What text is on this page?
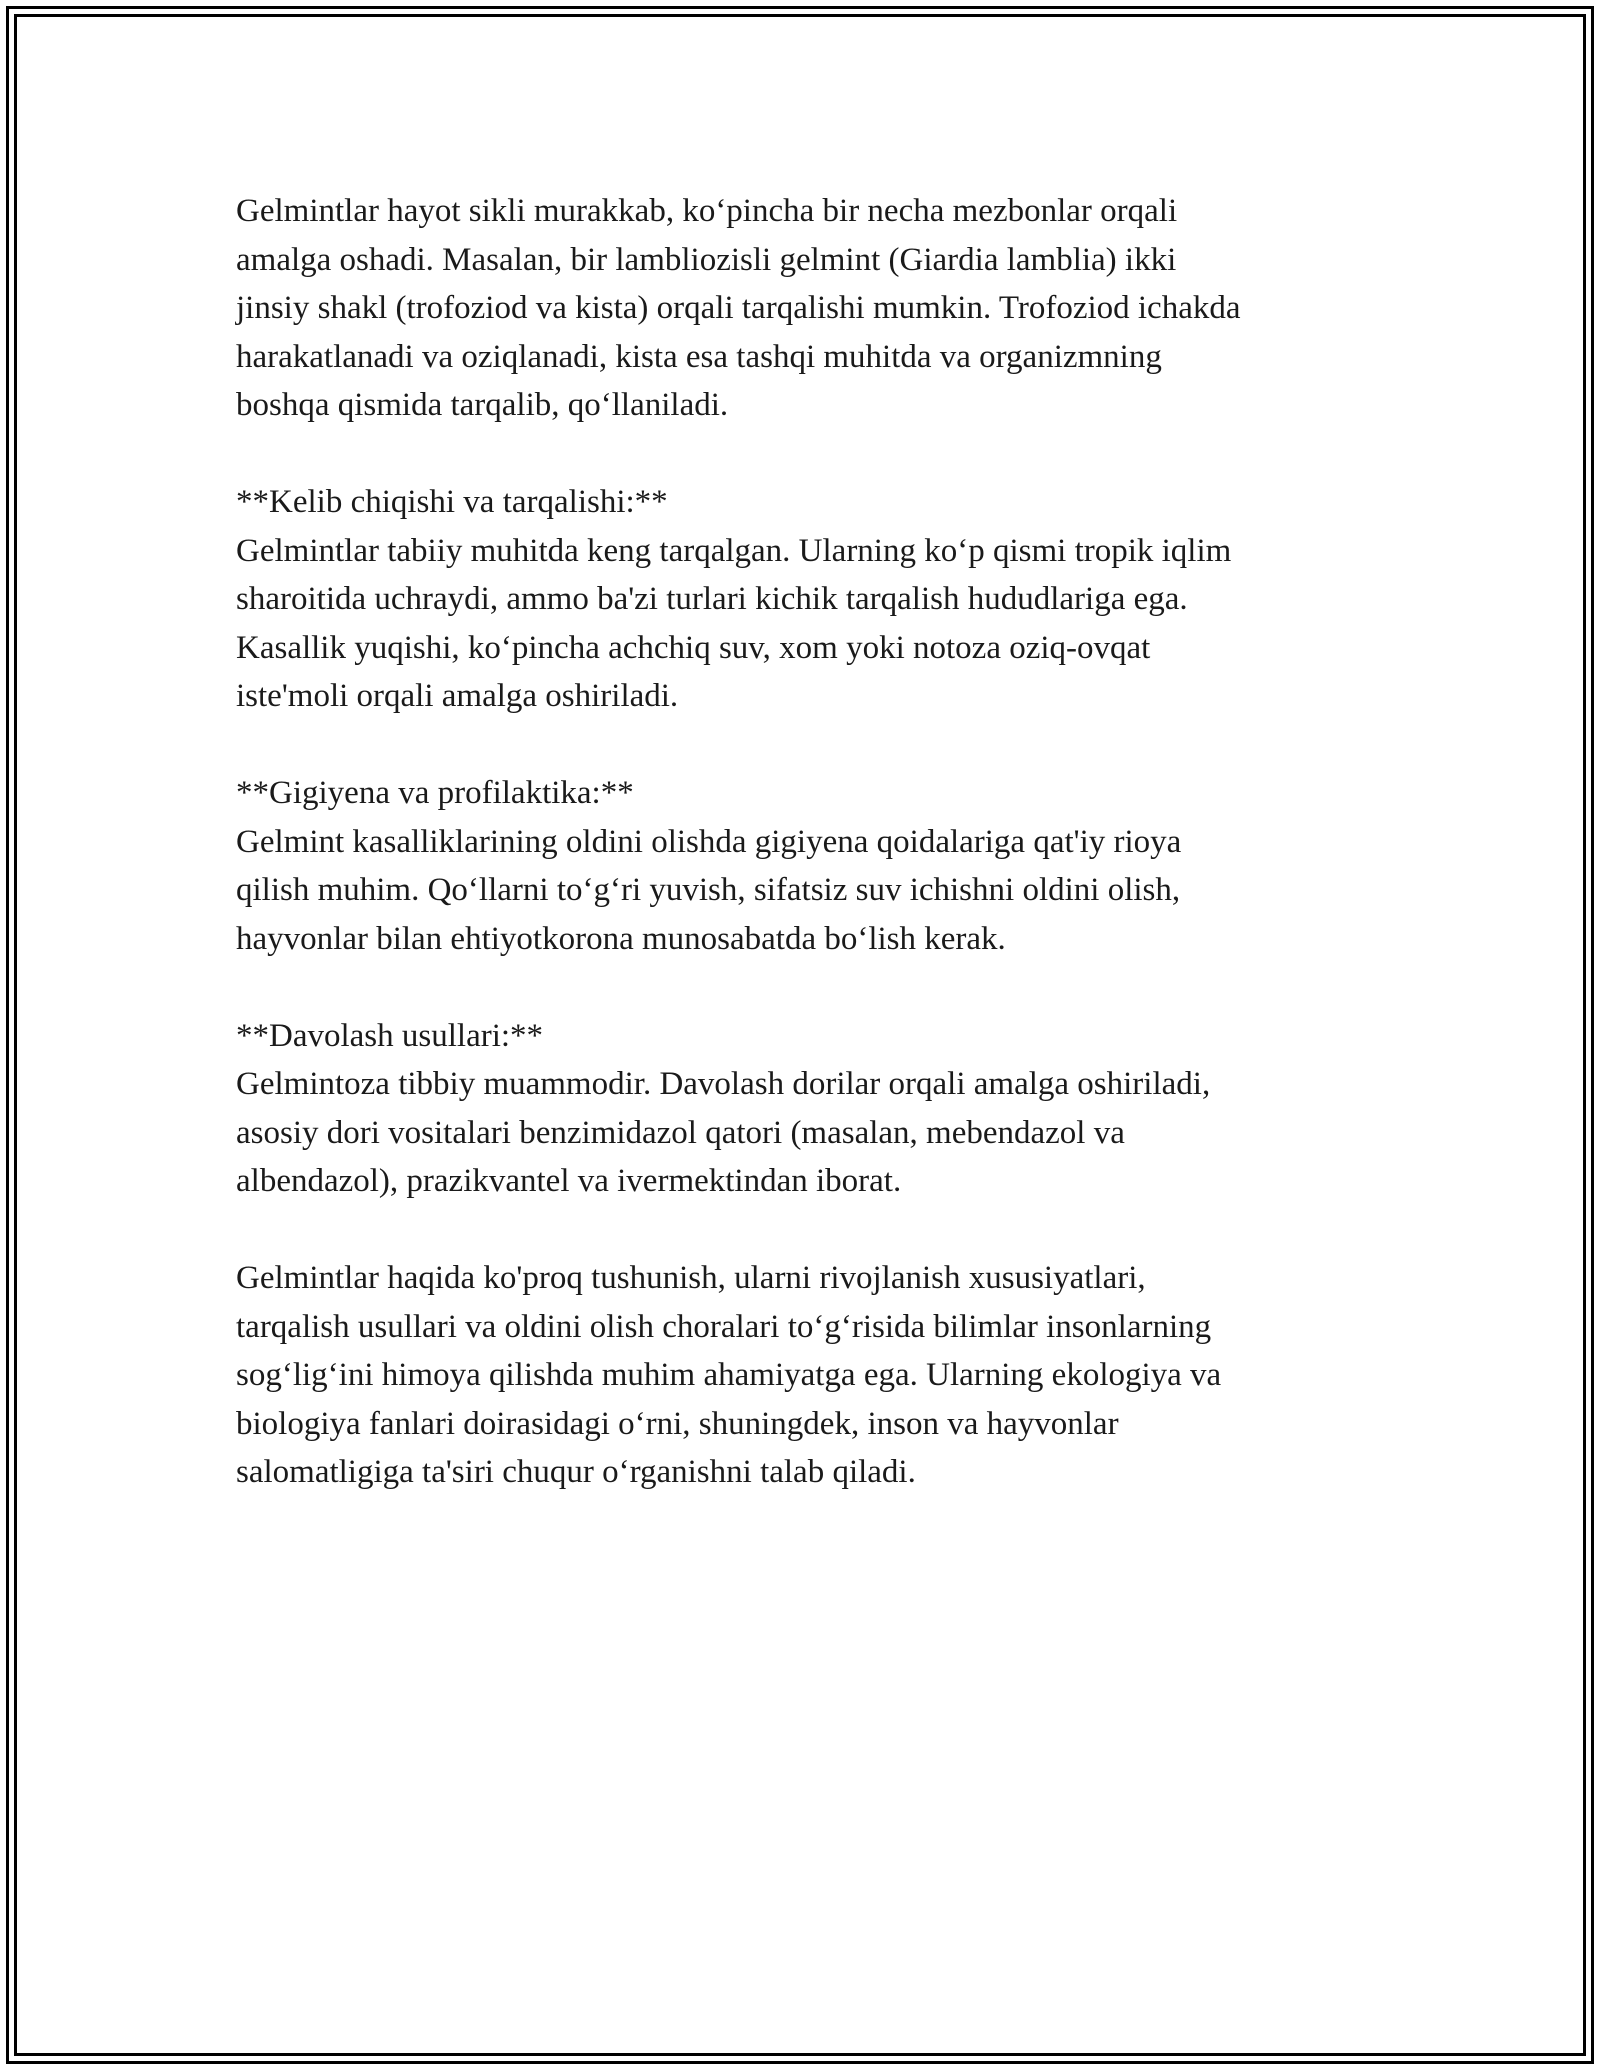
Gelmintlar hayot sikli murakkab, ko‘pincha bir necha mezbonlar orqali
amalga oshadi. Masalan, bir lambliozisli gelmint (Giardia lamblia) ikki
jinsiy shakl (trofoziod va kista) orqali tarqalishi mumkin. Trofoziod ichakda
harakatlanadi va oziqlanadi, kista esa tashqi muhitda va organizmning
boshqa qismida tarqalib, qo‘llaniladi.

**Kelib chiqishi va tarqalishi:**
Gelmintlar tabiiy muhitda keng tarqalgan. Ularning ko‘p qismi tropik iqlim
sharoitida uchraydi, ammo ba'zi turlari kichik tarqalish hududlariga ega.
Kasallik yuqishi, ko‘pincha achchiq suv, xom yoki notoza oziq-ovqat
iste'moli orqali amalga oshiriladi.

**Gigiyena va profilaktika:**
Gelmint kasalliklarining oldini olishda gigiyena qoidalariga qat'iy rioya
qilish muhim. Qo‘llarni to‘g‘ri yuvish, sifatsiz suv ichishni oldini olish,
hayvonlar bilan ehtiyotkorona munosabatda bo‘lish kerak.

**Davolash usullari:**
Gelmintoza tibbiy muammodir. Davolash dorilar orqali amalga oshiriladi,
asosiy dori vositalari benzimidazol qatori (masalan, mebendazol va
albendazol), prazikvantel va ivermektindan iborat.

Gelmintlar haqida ko'proq tushunish, ularni rivojlanish xususiyatlari,
tarqalish usullari va oldini olish choralari to‘g‘risida bilimlar insonlarning
sog‘lig‘ini himoya qilishda muhim ahamiyatga ega. Ularning ekologiya va
biologiya fanlari doirasidagi o‘rni, shuningdek, inson va hayvonlar
salomatligiga ta'siri chuqur o‘rganishni talab qiladi.
